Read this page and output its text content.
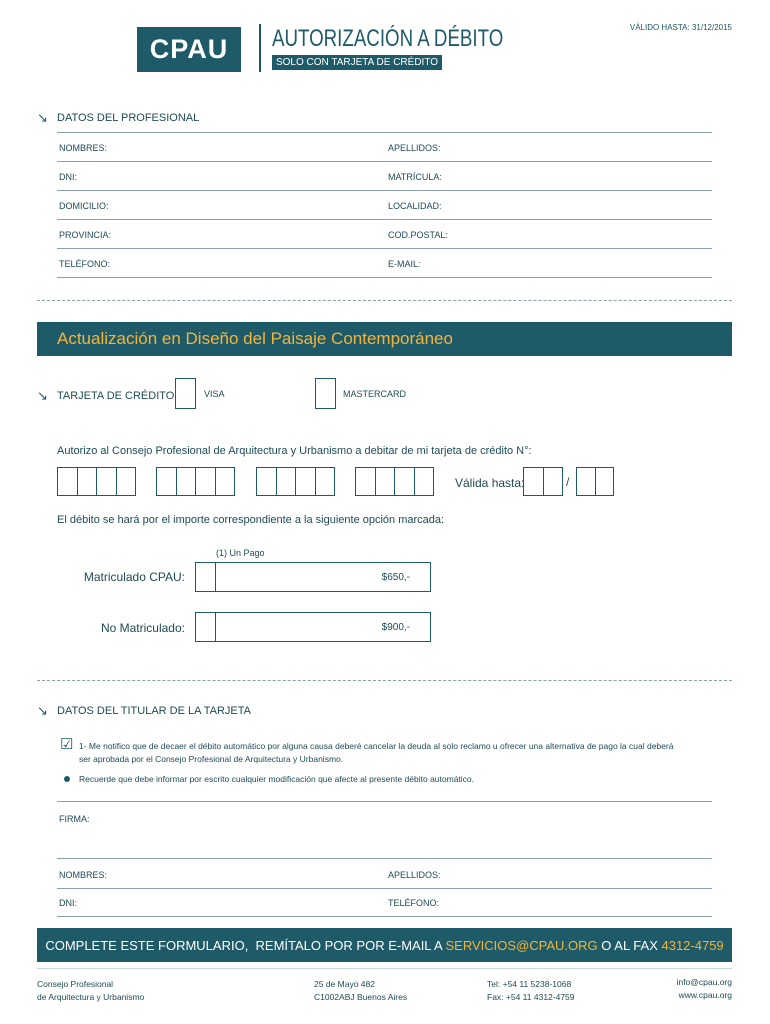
CPAU AUTORIZACIÓN A DÉBITO
SOLO CON TARJETA DE CRÉDITO
VÁLIDO HASTA: 31/12/2015
↘ DATOS DEL PROFESIONAL
NOMBRES:	APELLIDOS:
DNI:	MATRÍCULA:
DOMICILIO:	LOCALIDAD:
PROVINCIA:	COD.POSTAL:
TELÉFONO:	E-MAIL:
Actualización en Diseño del Paisaje Contemporáneo
↘ TARJETA DE CRÉDITO	VISA	MASTERCARD
Autorizo al Consejo Profesional de Arquitectura y Urbanismo a debitar de mi tarjeta de crédito N°:
Válida hasta:	/
El débito se hará por el importe correspondiente a la siguiente opción marcada:
(1) Un Pago
Matriculado CPAU:	$650,-
No Matriculado:	$900,-
↘ DATOS DEL TITULAR DE LA TARJETA
☑ 1- Me notifico que de decaer el débito automático por alguna causa deberé cancelar la deuda al solo reclamo u ofrecer una alternativa de pago la cual deberá
ser aprobada por el Consejo Profesional de Arquitectura y Urbanismo.
Recuerde que debe informar por escrito cualquier modificación que afecte al presente débito automático.
FIRMA:
NOMBRES:	APELLIDOS:
DNI:	TELÉFONO:
COMPLETE ESTE FORMULARIO,  REMÍTALO POR POR E-MAIL A SERVICIOS@CPAU.ORG O AL FAX 4312-4759
Consejo Profesional
de Arquitectura y Urbanismo
25 de Mayo 482
C1002ABJ Buenos Aires
Tel: +54 11 5238-1068
Fax: +54 11 4312-4759
info@cpau.org
www.cpau.org
